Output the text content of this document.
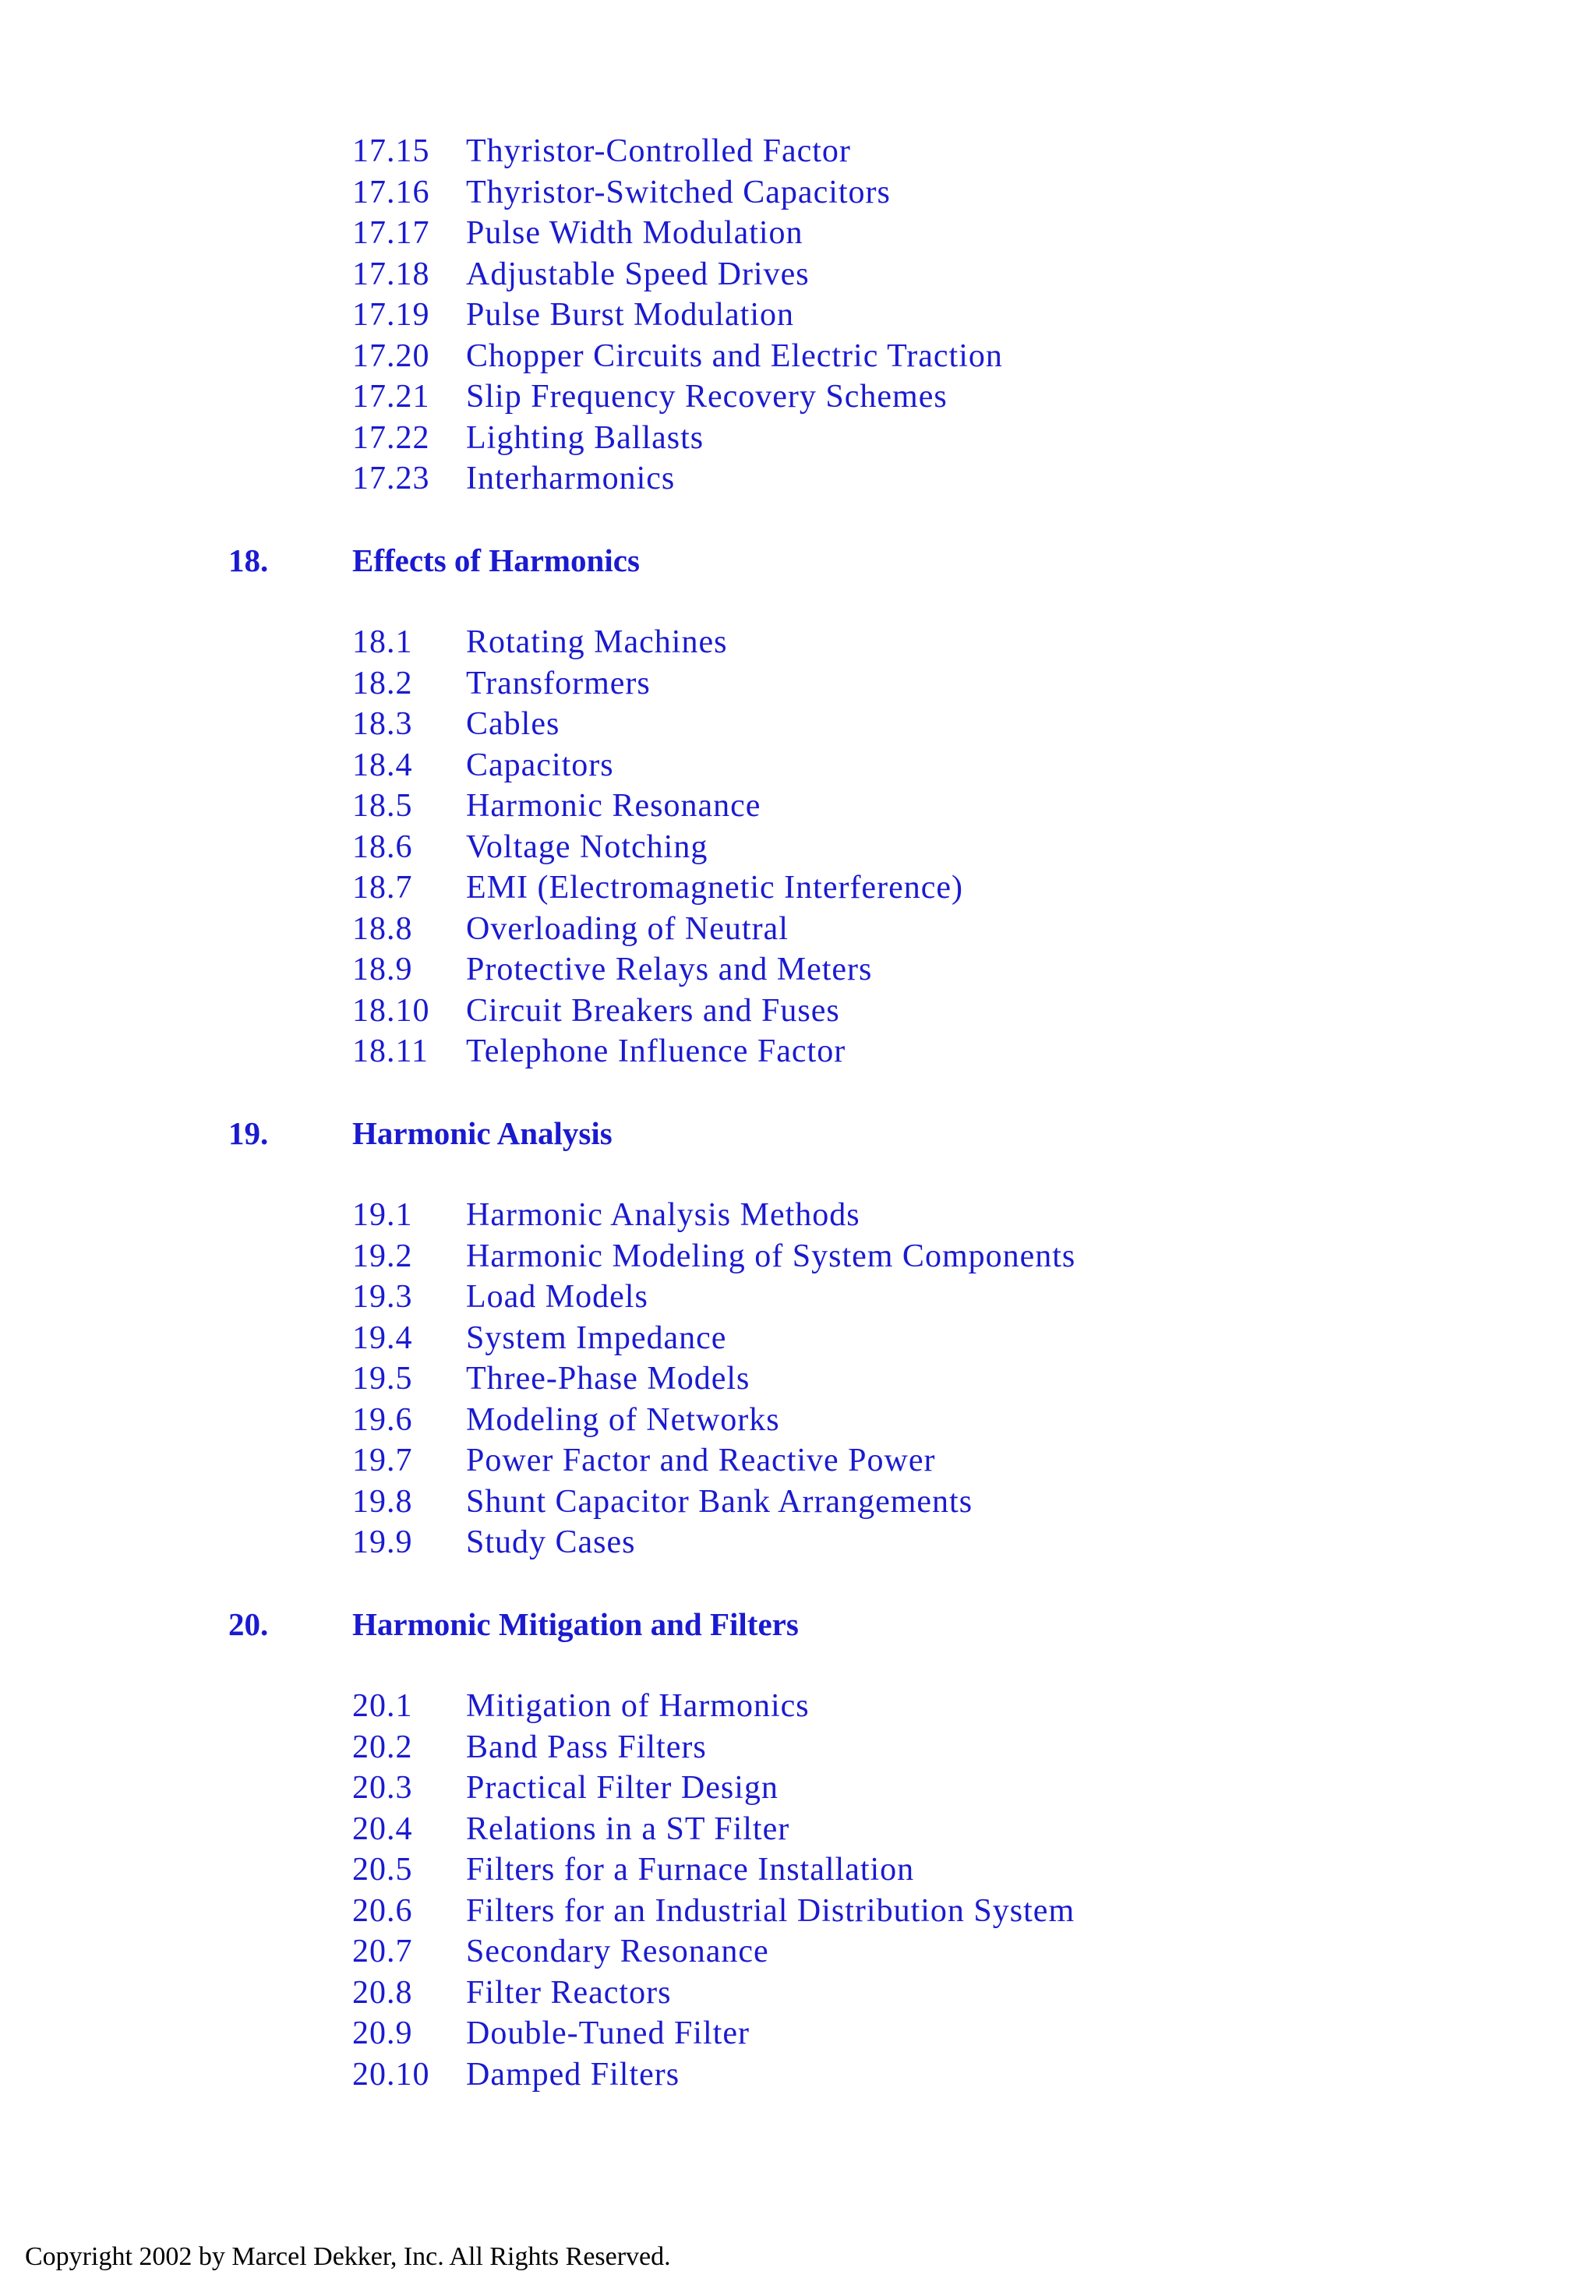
17.15 Thyristor-Controlled Factor
17.16 Thyristor-Switched Capacitors
17.17 Pulse Width Modulation
17.18 Adjustable Speed Drives
17.19 Pulse Burst Modulation
17.20 Chopper Circuits and Electric Traction
17.21 Slip Frequency Recovery Schemes
17.22 Lighting Ballasts
17.23 Interharmonics
18.	Effects of Harmonics
18.1 Rotating Machines
18.2 Transformers
18.3 Cables
18.4 Capacitors
18.5 Harmonic Resonance
18.6 Voltage Notching
18.7 EMI (Electromagnetic Interference)
18.8 Overloading of Neutral
18.9 Protective Relays and Meters
18.10 Circuit Breakers and Fuses
18.11 Telephone Influence Factor
19.	Harmonic Analysis
19.1 Harmonic Analysis Methods
19.2 Harmonic Modeling of System Components
19.3 Load Models
19.4 System Impedance
19.5 Three-Phase Models
19.6 Modeling of Networks
19.7 Power Factor and Reactive Power
19.8 Shunt Capacitor Bank Arrangements
19.9 Study Cases
20.	Harmonic Mitigation and Filters
20.1 Mitigation of Harmonics
20.2 Band Pass Filters
20.3 Practical Filter Design
20.4 Relations in a ST Filter
20.5 Filters for a Furnace Installation
20.6 Filters for an Industrial Distribution System
20.7 Secondary Resonance
20.8 Filter Reactors
20.9 Double-Tuned Filter
20.10 Damped Filters
Copyright 2002 by Marcel Dekker, Inc. All Rights Reserved.
